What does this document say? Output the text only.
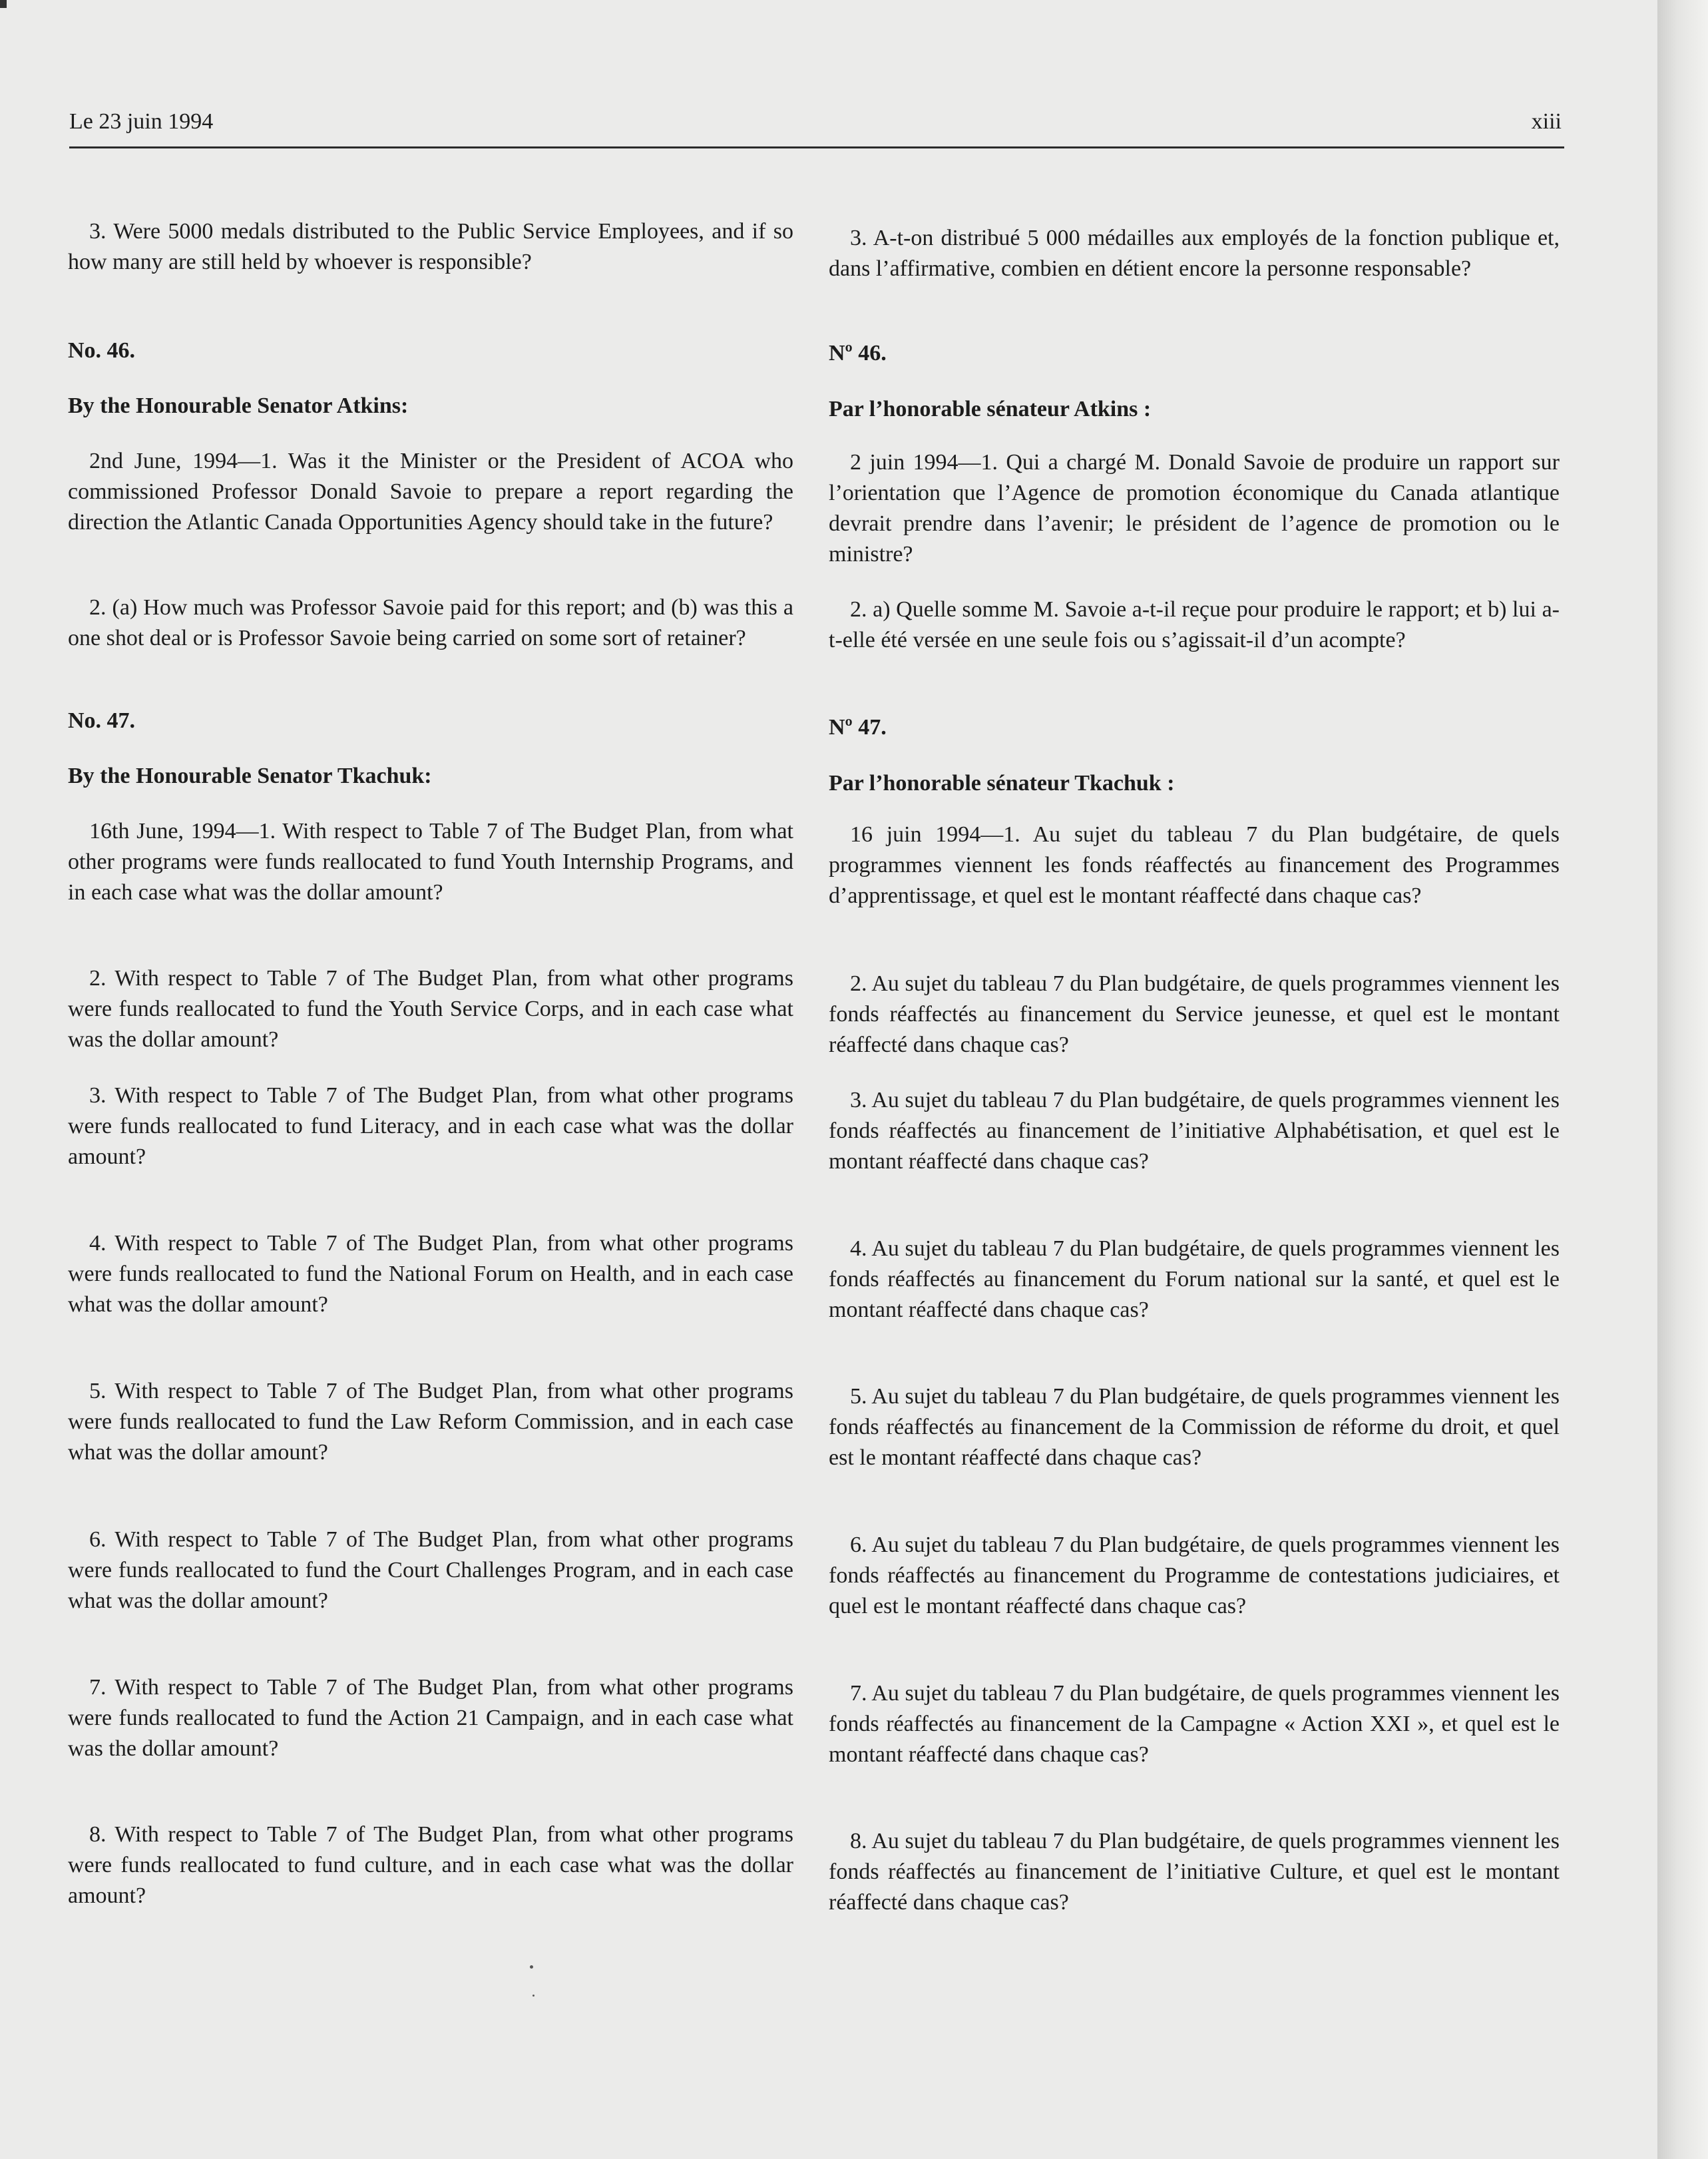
Le 23 juin 1994	xiii

3. Were 5000 medals distributed to the Public Service Employees, and if so how many are still held by whoever is responsible?

No. 46.

By the Honourable Senator Atkins:

2nd June, 1994—1. Was it the Minister or the President of ACOA who commissioned Professor Donald Savoie to prepare a report regarding the direction the Atlantic Canada Opportunities Agency should take in the future?

2. (a) How much was Professor Savoie paid for this report; and (b) was this a one shot deal or is Professor Savoie being carried on some sort of retainer?

No. 47.

By the Honourable Senator Tkachuk:

16th June, 1994—1. With respect to Table 7 of The Budget Plan, from what other programs were funds reallocated to fund Youth Internship Programs, and in each case what was the dollar amount?

2. With respect to Table 7 of The Budget Plan, from what other programs were funds reallocated to fund the Youth Service Corps, and in each case what was the dollar amount?

3. With respect to Table 7 of The Budget Plan, from what other programs were funds reallocated to fund Literacy, and in each case what was the dollar amount?

4. With respect to Table 7 of The Budget Plan, from what other programs were funds reallocated to fund the National Forum on Health, and in each case what was the dollar amount?

5. With respect to Table 7 of The Budget Plan, from what other programs were funds reallocated to fund the Law Reform Commission, and in each case what was the dollar amount?

6. With respect to Table 7 of The Budget Plan, from what other programs were funds reallocated to fund the Court Challenges Program, and in each case what was the dollar amount?

7. With respect to Table 7 of The Budget Plan, from what other programs were funds reallocated to fund the Action 21 Campaign, and in each case what was the dollar amount?

8. With respect to Table 7 of The Budget Plan, from what other programs were funds reallocated to fund culture, and in each case what was the dollar amount?

3. A-t-on distribué 5 000 médailles aux employés de la fonction publique et, dans l’affirmative, combien en détient encore la personne responsable?

Nº 46.

Par l’honorable sénateur Atkins :

2 juin 1994—1. Qui a chargé M. Donald Savoie de produire un rapport sur l’orientation que l’Agence de promotion économique du Canada atlantique devrait prendre dans l’avenir; le président de l’agence de promotion ou le ministre?

2. a) Quelle somme M. Savoie a-t-il reçue pour produire le rapport; et b) lui a-t-elle été versée en une seule fois ou s’agissait-il d’un acompte?

Nº 47.

Par l’honorable sénateur Tkachuk :

16 juin 1994—1. Au sujet du tableau 7 du Plan budgétaire, de quels programmes viennent les fonds réaffectés au financement des Programmes d’apprentissage, et quel est le montant réaffecté dans chaque cas?

2. Au sujet du tableau 7 du Plan budgétaire, de quels programmes viennent les fonds réaffectés au financement du Service jeunesse, et quel est le montant réaffecté dans chaque cas?

3. Au sujet du tableau 7 du Plan budgétaire, de quels programmes viennent les fonds réaffectés au financement de l’initiative Alphabétisation, et quel est le montant réaffecté dans chaque cas?

4. Au sujet du tableau 7 du Plan budgétaire, de quels programmes viennent les fonds réaffectés au financement du Forum national sur la santé, et quel est le montant réaffecté dans chaque cas?

5. Au sujet du tableau 7 du Plan budgétaire, de quels programmes viennent les fonds réaffectés au financement de la Commission de réforme du droit, et quel est le montant réaffecté dans chaque cas?

6. Au sujet du tableau 7 du Plan budgétaire, de quels programmes viennent les fonds réaffectés au financement du Programme de contestations judiciaires, et quel est le montant réaffecté dans chaque cas?

7. Au sujet du tableau 7 du Plan budgétaire, de quels programmes viennent les fonds réaffectés au financement de la Campagne « Action XXI », et quel est le montant réaffecté dans chaque cas?

8. Au sujet du tableau 7 du Plan budgétaire, de quels programmes viennent les fonds réaffectés au financement de l’initiative Culture, et quel est le montant réaffecté dans chaque cas?
